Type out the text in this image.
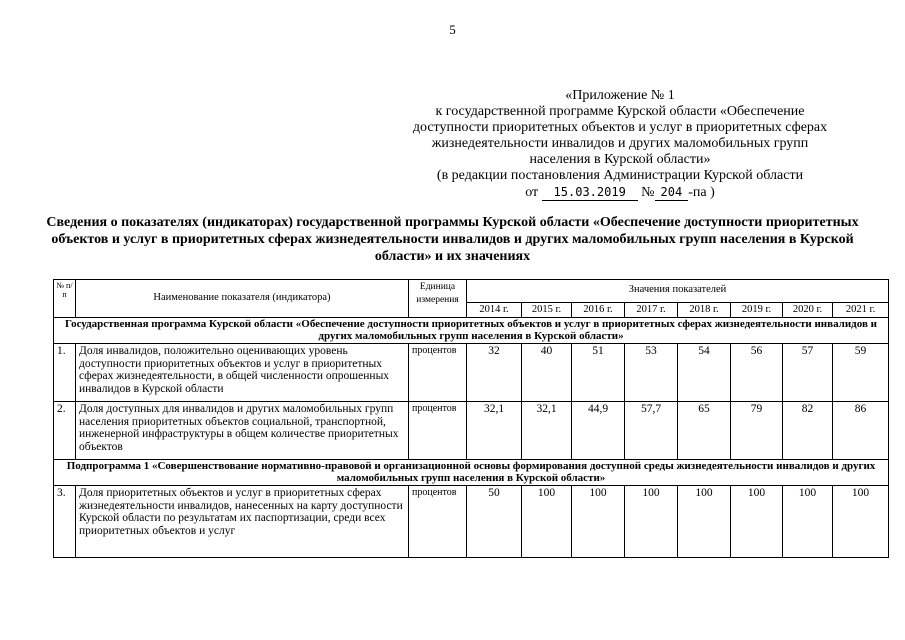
5
«Приложение № 1
к государственной программе Курской области «Обеспечение
доступности приоритетных объектов и услуг в приоритетных сферах
жизнедеятельности инвалидов и других маломобильных групп
населения в Курской области»
(в редакции постановления Администрации Курской области
от 15.03.2019 № 204 -па )
Сведения о показателях (индикаторах) государственной программы Курской области «Обеспечение доступности приоритетных объектов и услуг в приоритетных сферах жизнедеятельности инвалидов и других маломобильных групп населения в Курской области» и их значениях
№ п/п	Наименование показателя (индикатора)	Единица измерения	Значения показателей							
			2014 г.	2015 г.	2016 г.	2017 г.	2018 г.	2019 г.	2020 г.	2021 г.
Государственная программа Курской области «Обеспечение доступности приоритетных объектов и услуг в приоритетных сферах жизнедеятельности инвалидов и других маломобильных групп населения в Курской области»										
1.	Доля инвалидов, положительно оценивающих уровень доступности приоритетных объектов и услуг в приоритетных сферах жизнедеятельности, в общей численности опрошенных инвалидов в Курской области	процентов	32	40	51	53	54	56	57	59
2.	Доля доступных для инвалидов и других маломобильных групп населения приоритетных объектов социальной, транспортной, инженерной инфраструктуры в общем количестве приоритетных объектов	процентов	32,1	32,1	44,9	57,7	65	79	82	86
Подпрограмма 1 «Совершенствование нормативно-правовой и организационной основы формирования доступной среды жизнедеятельности инвалидов и других маломобильных групп населения в Курской области»										
3.	Доля приоритетных объектов и услуг в приоритетных сферах жизнедеятельности инвалидов, нанесенных на карту доступности Курской области по результатам их паспортизации, среди всех приоритетных объектов и услуг	процентов	50	100	100	100	100	100	100	100
